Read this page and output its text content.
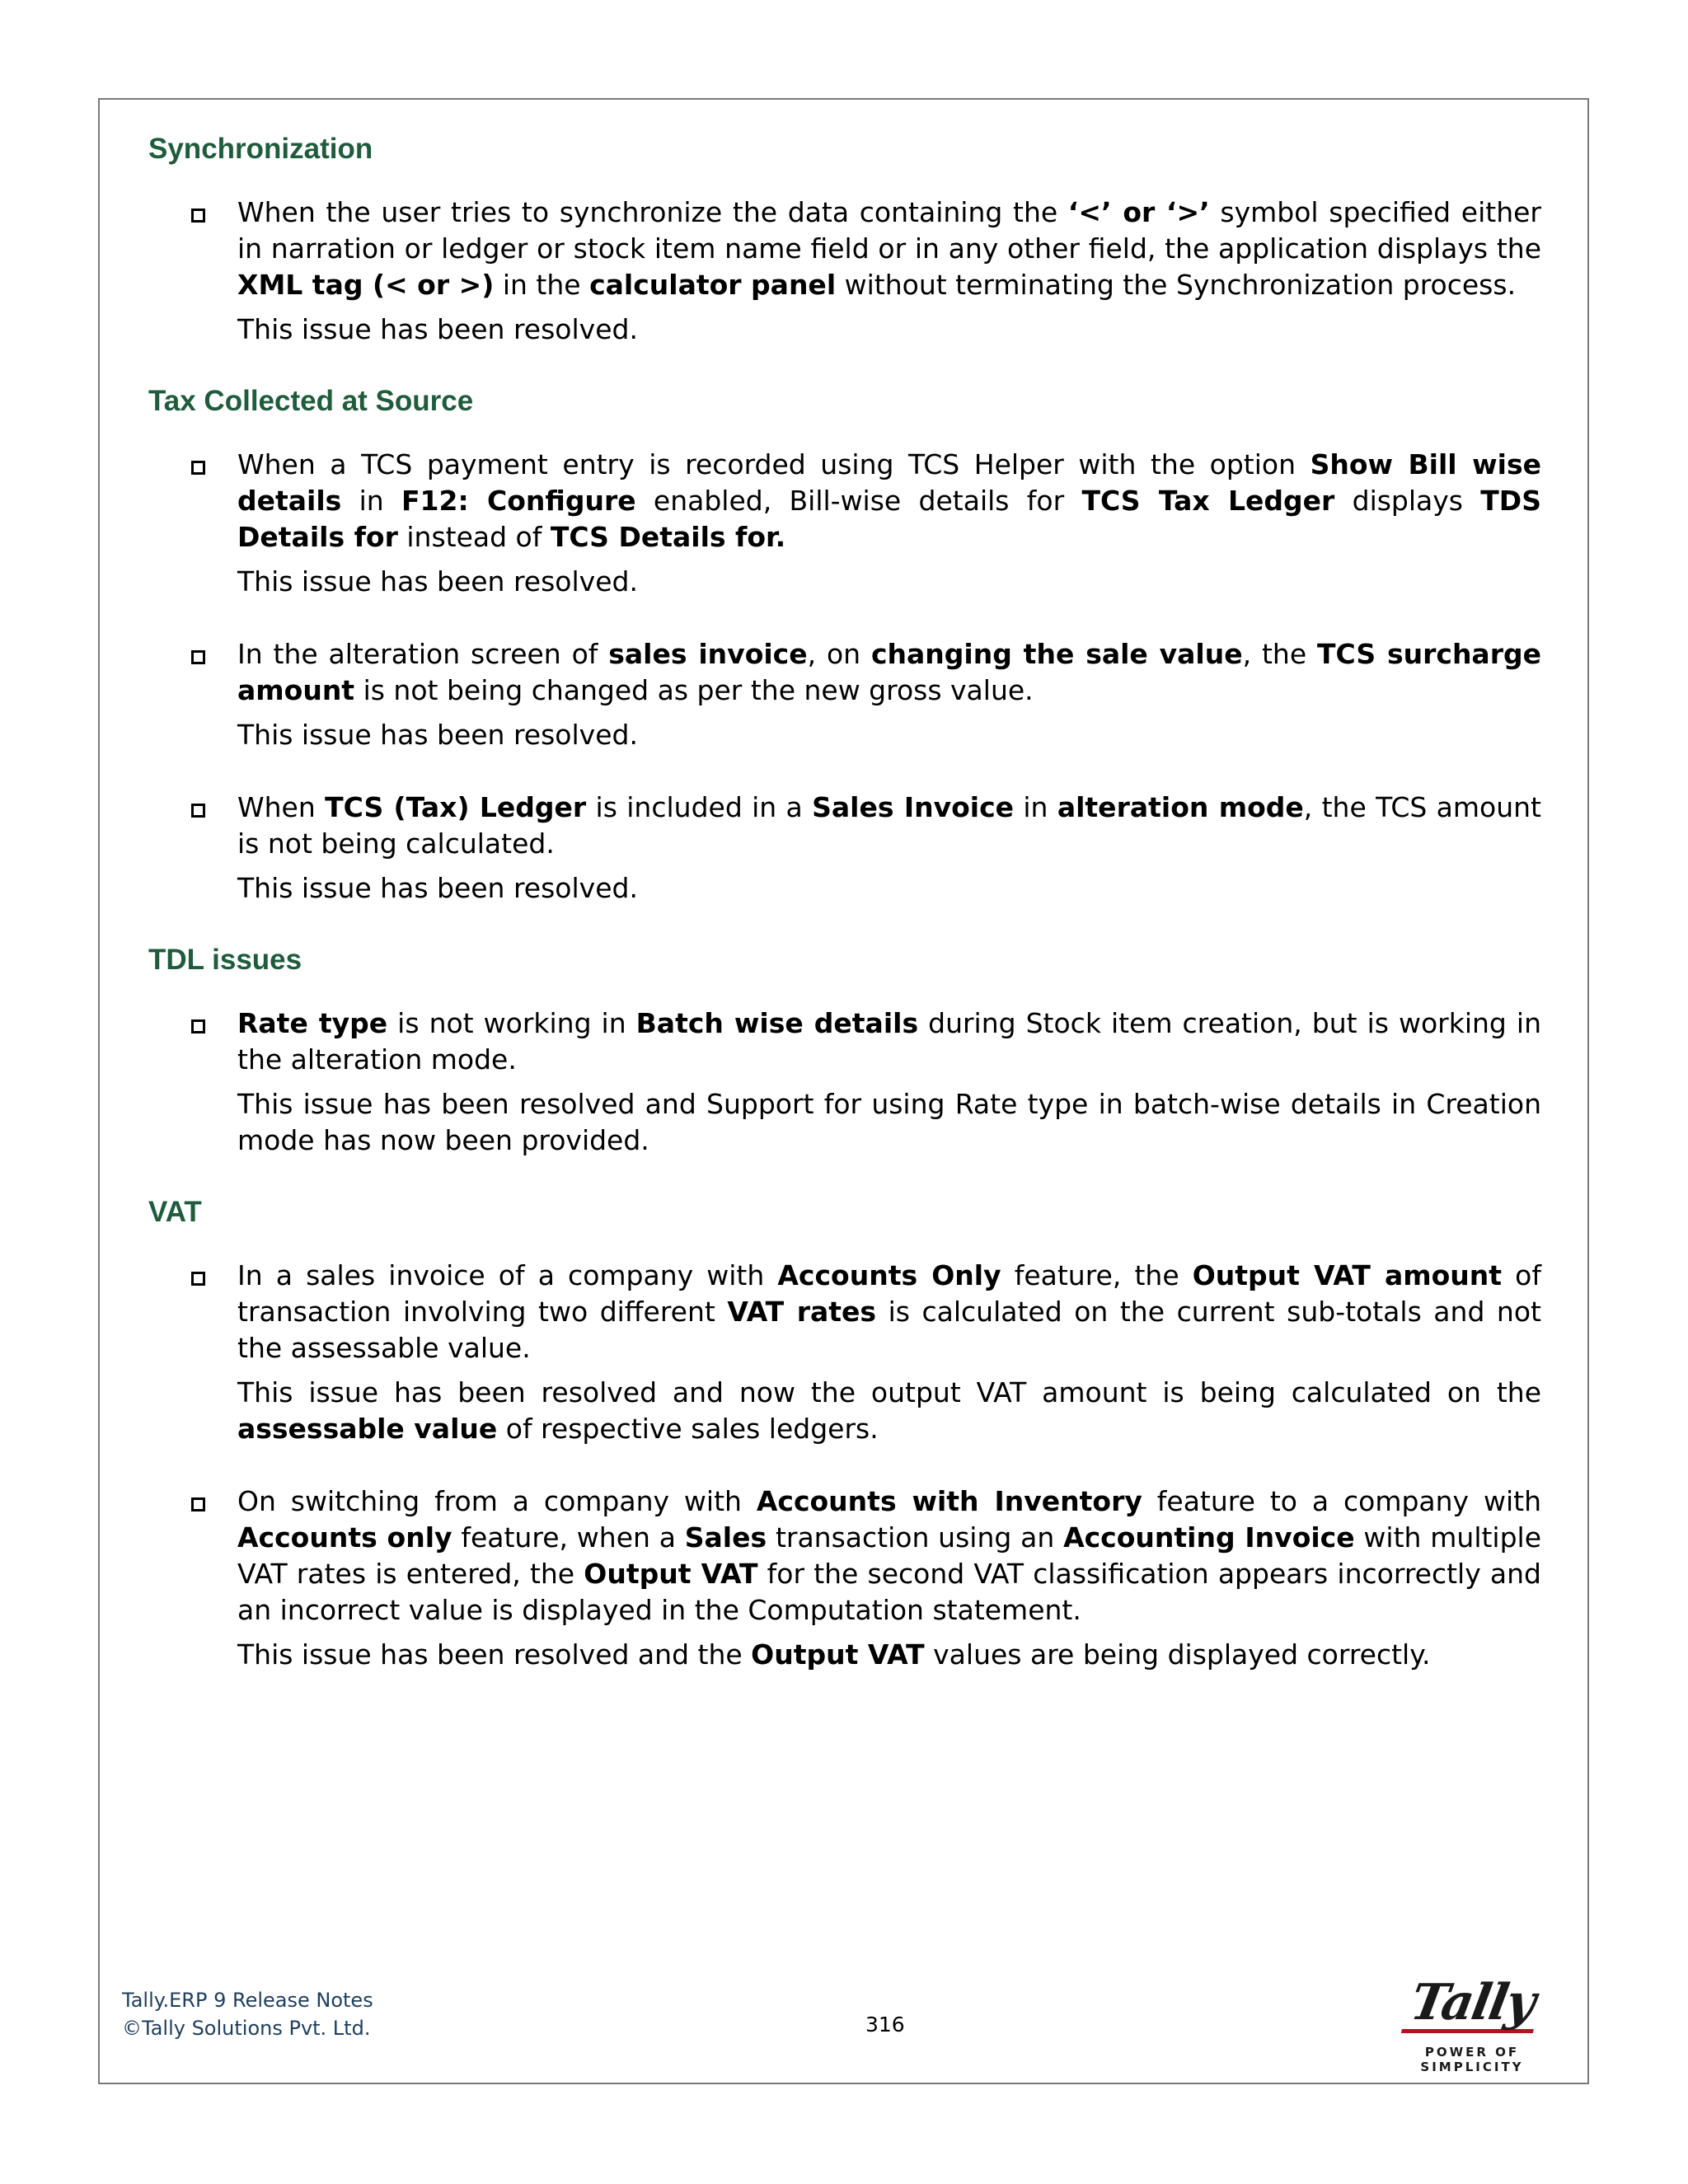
Synchronization

When the user tries to synchronize the data containing the ‘<’ or ‘>’ symbol specified either in narration or ledger or stock item name field or in any other field, the application displays the XML tag (< or >) in the calculator panel without terminating the Synchronization process.

This issue has been resolved.

Tax Collected at Source

When a TCS payment entry is recorded using TCS Helper with the option Show Bill wise details in F12: Configure enabled, Bill-wise details for TCS Tax Ledger displays TDS Details for instead of TCS Details for.

This issue has been resolved.

In the alteration screen of sales invoice, on changing the sale value, the TCS surcharge amount is not being changed as per the new gross value.

This issue has been resolved.

When TCS (Tax) Ledger is included in a Sales Invoice in alteration mode, the TCS amount is not being calculated.

This issue has been resolved.

TDL issues

Rate type is not working in Batch wise details during Stock item creation, but is working in the alteration mode.

This issue has been resolved and Support for using Rate type in batch-wise details in Creation mode has now been provided.

VAT

In a sales invoice of a company with Accounts Only feature, the Output VAT amount of transaction involving two different VAT rates is calculated on the current sub-totals and not the assessable value.

This issue has been resolved and now the output VAT amount is being calculated on the assessable value of respective sales ledgers.

On switching from a company with Accounts with Inventory feature to a company with Accounts only feature, when a Sales transaction using an Accounting Invoice with multiple VAT rates is entered, the Output VAT for the second VAT classification appears incorrectly and an incorrect value is displayed in the Computation statement.

This issue has been resolved and the Output VAT values are being displayed correctly.

Tally.ERP 9 Release Notes
©Tally Solutions Pvt. Ltd.	316	Tally
POWER OF SIMPLICITY
